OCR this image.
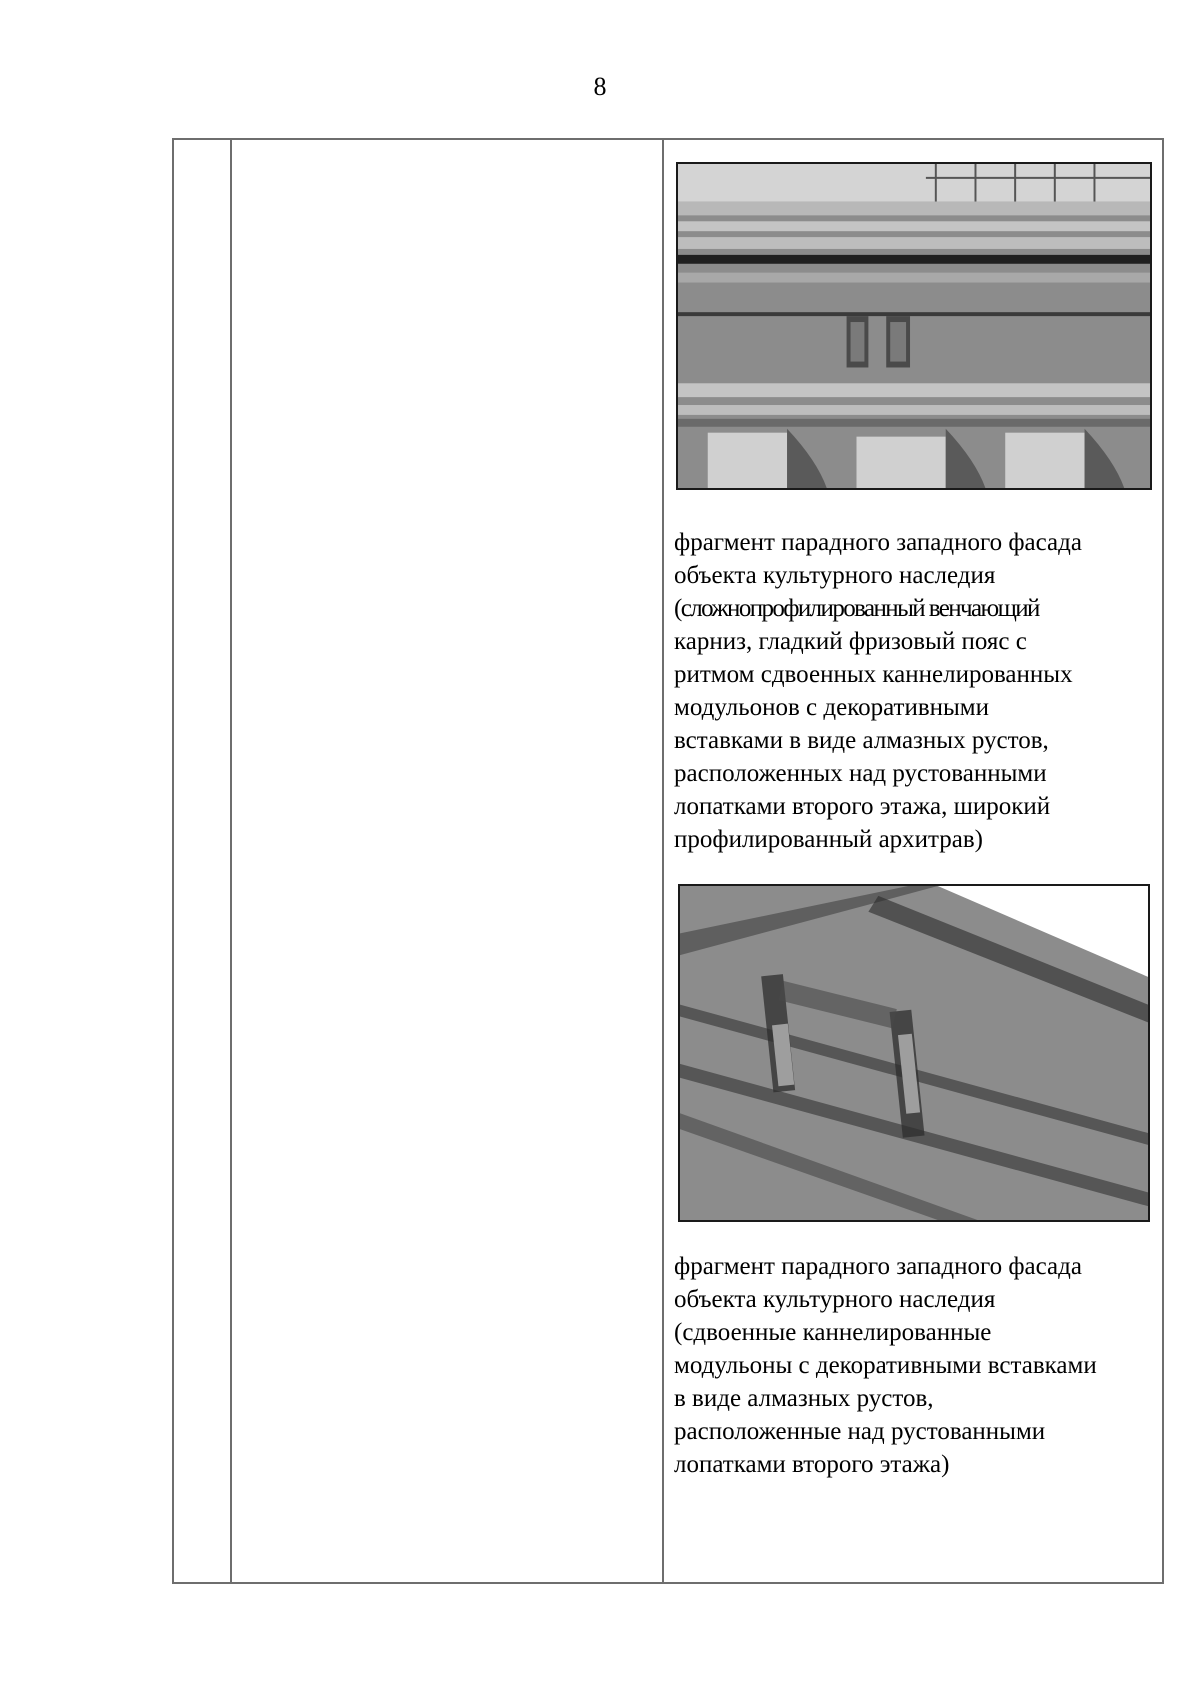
8
фрагмент парадного западного фасада
объекта культурного наследия
(сложнопрофилированный венчающий
карниз, гладкий фризовый пояс с
ритмом сдвоенных каннелированных
модульонов с декоративными
вставками в виде алмазных рустов,
расположенных над рустованными
лопатками второго этажа, широкий
профилированный архитрав)
фрагмент парадного западного фасада
объекта культурного наследия
(сдвоенные каннелированные
модульоны с декоративными вставками
в виде алмазных рустов,
расположенные над рустованными
лопатками второго этажа)
